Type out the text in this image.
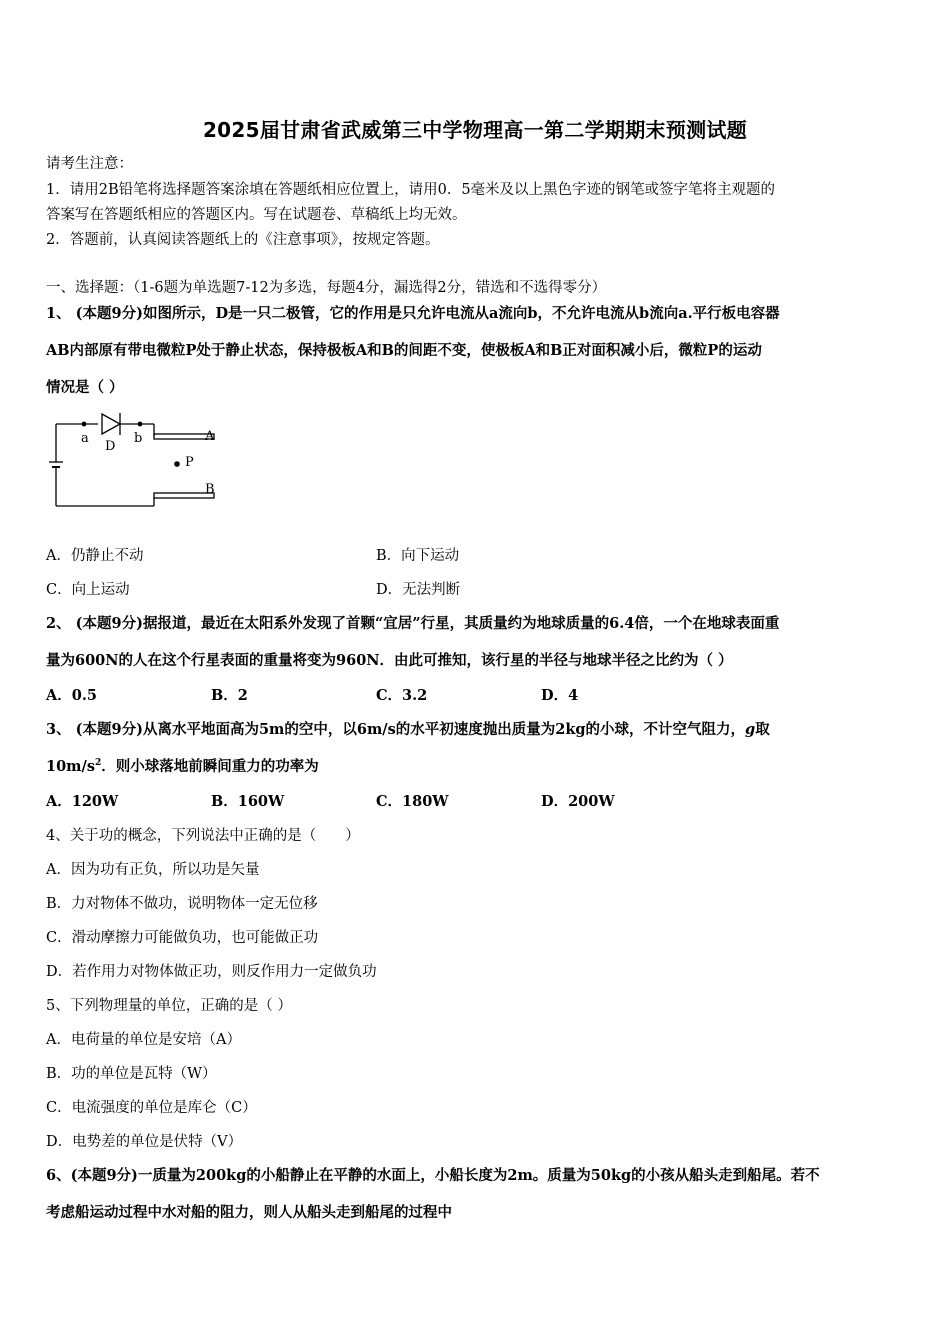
2025届甘肃省武威第三中学物理高一第二学期期末预测试题
请考生注意：
1．请用2B铅笔将选择题答案涂填在答题纸相应位置上，请用0．5毫米及以上黑色字迹的钢笔或签字笔将主观题的
答案写在答题纸相应的答题区内。写在试题卷、草稿纸上均无效。
2．答题前，认真阅读答题纸上的《注意事项》，按规定答题。
一、选择题：（1-6题为单选题7-12为多选，每题4分，漏选得2分，错选和不选得零分）
1、 (本题9分)如图所示，D是一只二极管，它的作用是只允许电流从a流向b，不允许电流从b流向a.平行板电容器
AB内部原有带电微粒P处于静止状态，保持极板A和B的间距不变，使极板A和B正对面积减小后，微粒P的运动
情况是（ ）
a
D
b	A
P
B
A．仍静止不动	B．向下运动
C．向上运动	D．无法判断
2、 (本题9分)据报道，最近在太阳系外发现了首颗“宜居”行星，其质量约为地球质量的6.4倍，一个在地球表面重
量为600N的人在这个行星表面的重量将变为960N．由此可推知，该行星的半径与地球半径之比约为（ ）
A．0.5	B．2	C．3.2	D．4
3、 (本题9分)从离水平地面高为5m的空中，以6m/s的水平初速度抛出质量为2kg的小球，不计空气阻力，g取
$10m/s^2$．则小球落地前瞬间重力的功率为
A．120W	B．160W	C．180W	D．200W
4、关于功的概念，下列说法中正确的是（　　）
A．因为功有正负，所以功是矢量
B．力对物体不做功，说明物体一定无位移
C．滑动摩擦力可能做负功，也可能做正功
D．若作用力对物体做正功，则反作用力一定做负功
5、下列物理量的单位，正确的是（ ）
A．电荷量的单位是安培（A）
B．功的单位是瓦特（W）
C．电流强度的单位是库仑（C）
D．电势差的单位是伏特（V）
6、(本题9分)一质量为200kg的小船静止在平静的水面上，小船长度为2m。质量为50kg的小孩从船头走到船尾。若不
考虑船运动过程中水对船的阻力，则人从船头走到船尾的过程中
